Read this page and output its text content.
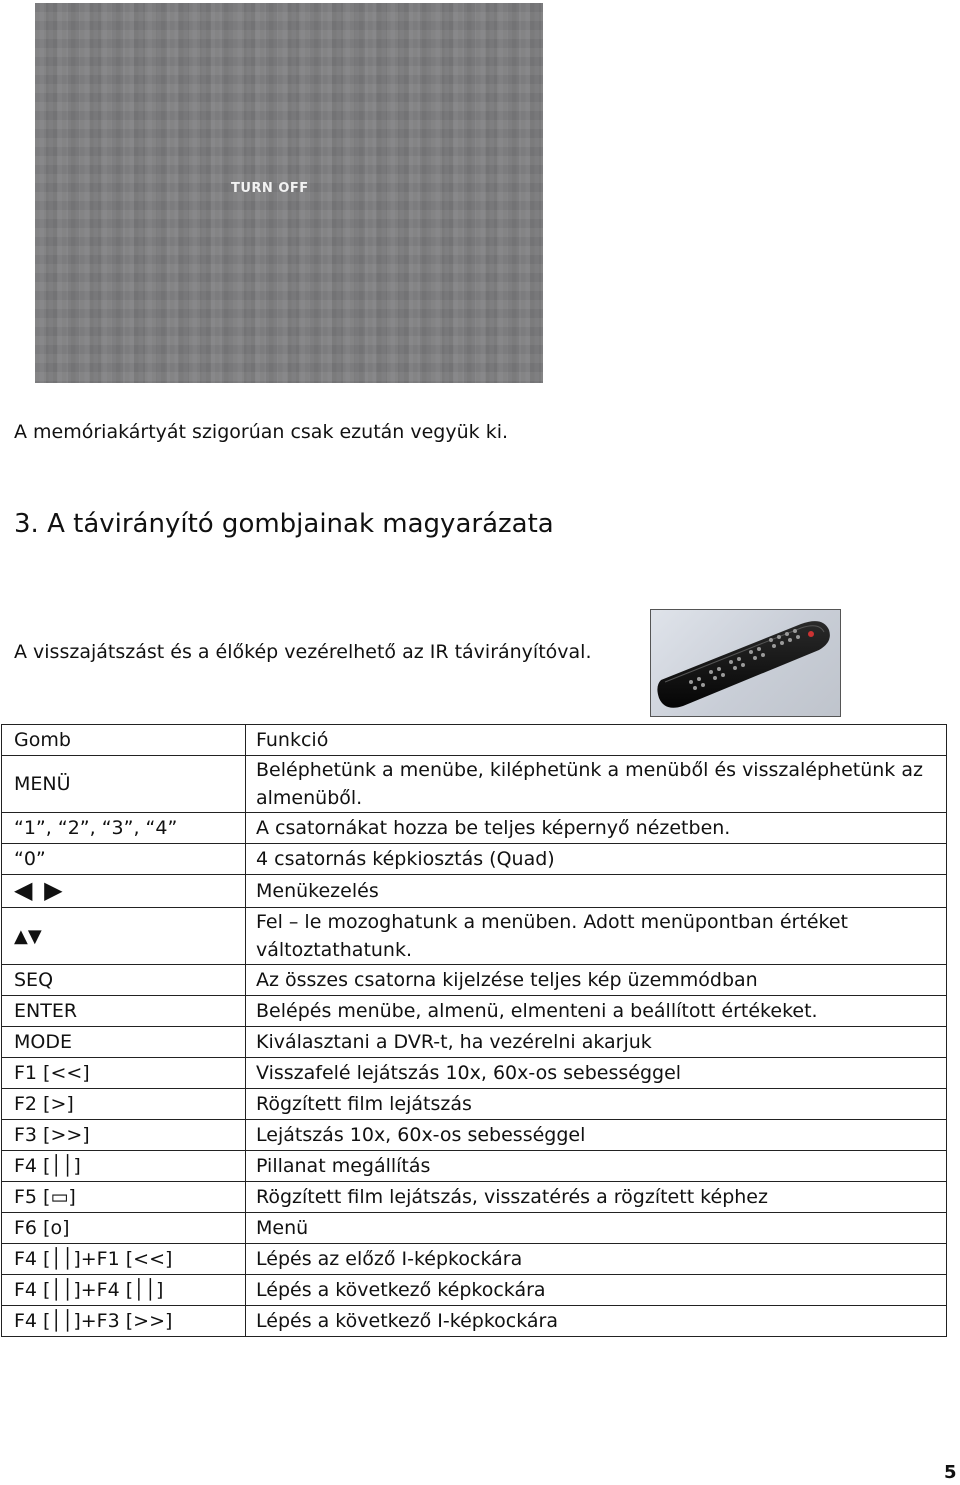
TURN OFF

A memóriakártyát szigorúan csak ezután vegyük ki.

3. A távirányító gombjainak magyarázata

A visszajátszást és a élőkép vezérelhető az IR távirányítóval.

Gomb	Funkció
MENÜ	Beléphetünk a menübe, kiléphetünk a menüből és visszaléphetünk az almenüből.
“1”, “2”, “3”, “4”	A csatornákat hozza be teljes képernyő nézetben.
“0”	4 csatornás képkiosztás (Quad)
◀ ▶	Menükezelés
▲▼	Fel – le mozoghatunk a menüben. Adott menüpontban értéket változtathatunk.
SEQ	Az összes csatorna kijelzése teljes kép üzemmódban
ENTER	Belépés menübe, almenü, elmenteni a beállított értékeket.
MODE	Kiválasztani a DVR-t, ha vezérelni akarjuk
F1 [<<]	Visszafelé lejátszás 10x, 60x-os sebességgel
F2 [>]	Rögzített film lejátszás
F3 [>>]	Lejátszás 10x, 60x-os sebességgel
F4 [││]	Pillanat megállítás
F5 [▭]	Rögzített film lejátszás, visszatérés a rögzített képhez
F6 [o]	Menü
F4 [││]+F1 [<<]	Lépés az előző I-képkockára
F4 [││]+F4 [││]	Lépés a következő képkockára
F4 [││]+F3 [>>]	Lépés a következő I-képkockára
5
